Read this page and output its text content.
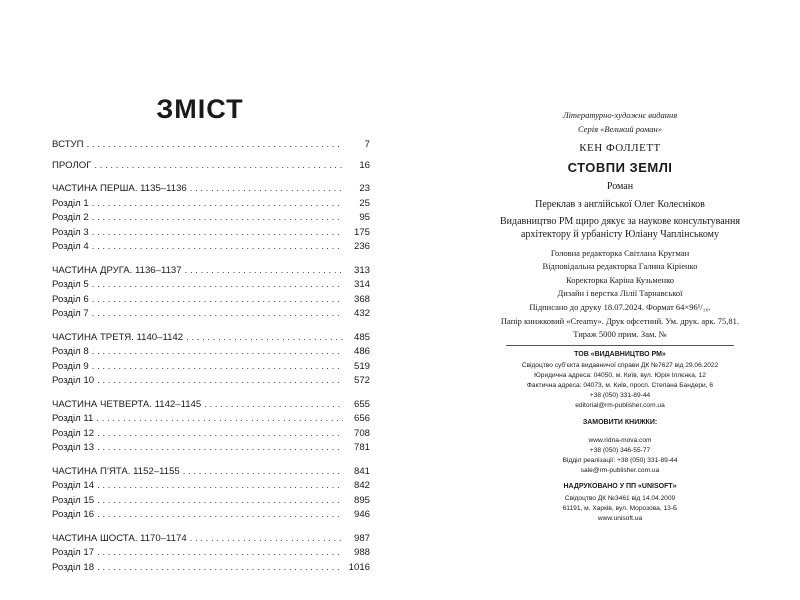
ЗМІСТ
ВСТУП . . .	7
ПРОЛОГ . . .	16
ЧАСТИНА ПЕРША. 1135–1136 . . .	23
Розділ 1 . . .	25
Розділ 2 . . .	95
Розділ 3 . . .	175
Розділ 4 . . .	236
ЧАСТИНА ДРУГА. 1136–1137 . . .	313
Розділ 5 . . .	314
Розділ 6 . . .	368
Розділ 7 . . .	432
ЧАСТИНА ТРЕТЯ. 1140–1142 . . .	485
Розділ 8 . . .	486
Розділ 9 . . .	519
Розділ 10 . . .	572
ЧАСТИНА ЧЕТВЕРТА. 1142–1145 . . .	655
Розділ 11 . . .	656
Розділ 12 . . .	708
Розділ 13 . . .	781
ЧАСТИНА П’ЯТА. 1152–1155 . . .	841
Розділ 14 . . .	842
Розділ 15 . . .	895
Розділ 16 . . .	946
ЧАСТИНА ШОСТА. 1170–1174 . . .	987
Розділ 17 . . .	988
Розділ 18 . . .	1016
Літературно-художнє видання
Серія «Великий роман»
КЕН ФОЛЛЕТТ
СТОВПИ ЗЕМЛІ
Роман
Переклав з англійської Олег Колесніков
Видавництво РМ щиро дякує за наукове консультування
архітектору й урбаністу Юліану Чаплінському
Головна редакторка Світлана Кругман
Відповідальна редакторка Галина Кіріенко
Коректорка Каріна Кузьменко
Дизайн і верстка Лілії Тарнавської
Підписано до друку 18.07.2024. Формат 64×96¹/₁₆.
Папір книжковий «Creamy». Друк офсетний. Ум. друк. арк. 75,81.
Тираж 5000 прим. Зам. №
ТОВ «ВИДАВНИЦТВО РМ»
Свідоцтво суб’єкта видавничої справи ДК №7627 від 29.06.2022
Юридична адреса: 04050, м. Київ, вул. Юрія Іллєнка, 12
Фактична адреса: 04073, м. Київ, просп. Степана Бандери, 6
+38 (050) 331-89-44
editorial@rm-publisher.com.ua
ЗАМОВИТИ КНИЖКИ:
www.ridna-mova.com
+38 (050) 346-55-77
Відділ реалізації: +38 (050) 331-89-44
sale@rm-publisher.com.ua
НАДРУКОВАНО У ПП «UNISOFT»
Свідоцтво ДК №3461 від 14.04.2009
61191, м. Харків, вул. Морозова, 13-Б
www.unisoft.ua
